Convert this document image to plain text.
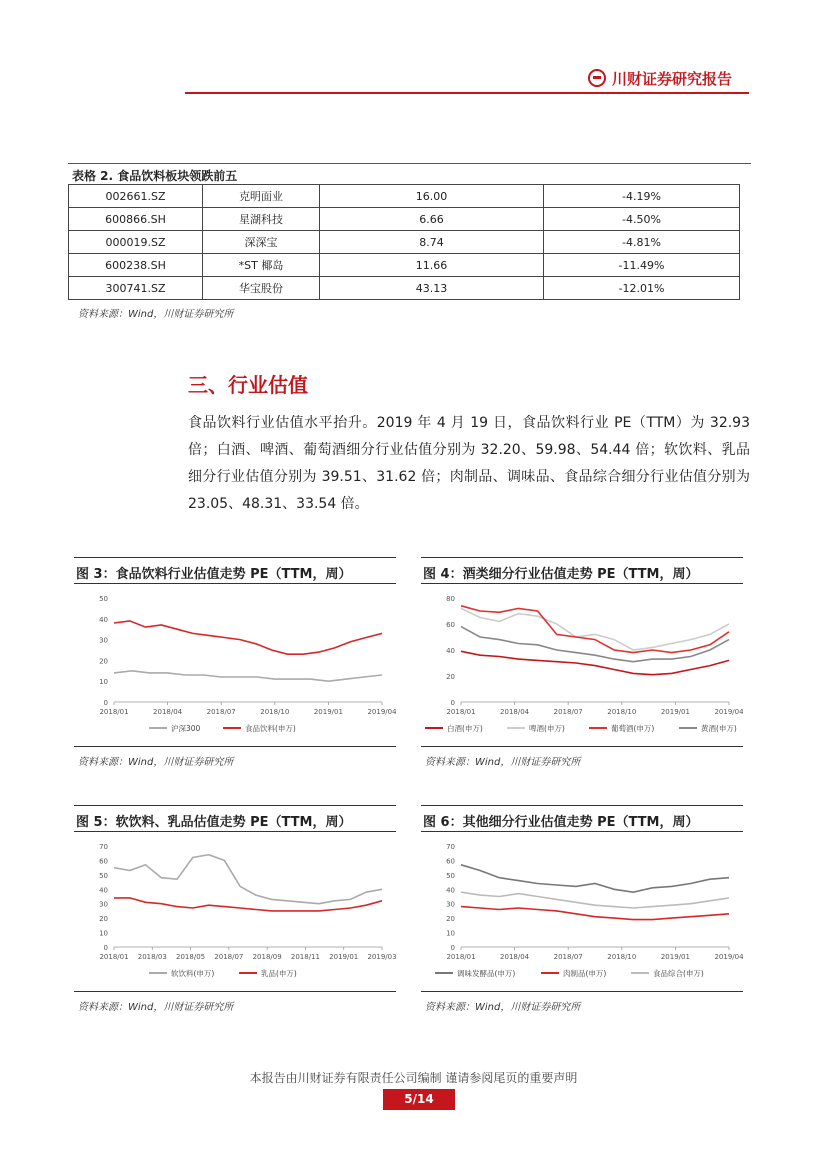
川财证券研究报告
表格 2. 食品饮料板块领跌前五
002661.SZ	克明面业	16.00	-4.19%
600866.SH	星湖科技	6.66	-4.50%
000019.SZ	深深宝	8.74	-4.81%
600238.SH	*ST 椰岛	11.66	-11.49%
300741.SZ	华宝股份	43.13	-12.01%
资料来源：Wind，川财证券研究所
三、行业估值
食品饮料行业估值水平抬升。2019 年 4 月 19 日，食品饮料行业 PE（TTM）为 32.93 倍；白酒、啤酒、葡萄酒细分行业估值分别为 32.20、59.98、54.44 倍；软饮料、乳品细分行业估值分别为 39.51、31.62 倍；肉制品、调味品、食品综合细分行业估值分别为 23.05、48.31、33.54 倍。
图 3：食品饮料行业估值走势 PE（TTM，周）
0
10
20
30
40
50
2018/01	2018/04	2018/07	2018/10	2019/01	2019/04
沪深300	食品饮料(申万)
资料来源：Wind，川财证券研究所
图 4：酒类细分行业估值走势 PE（TTM，周）
0
20
40
60
80
2018/01	2018/04	2018/07	2018/10	2019/01	2019/04
白酒(申万)	啤酒(申万)	葡萄酒(申万)	黄酒(申万)
资料来源：Wind，川财证券研究所
图 5：软饮料、乳品估值走势 PE（TTM，周）
0
10
20
30
40
50
60
70
2018/01 2018/03 2018/05 2018/07 2018/09 2018/11 2019/01 2019/03
软饮料(申万)	乳品(申万)
资料来源：Wind，川财证券研究所
图 6：其他细分行业估值走势 PE（TTM，周）
0
10
20
30
40
50
60
70
2018/01	2018/04	2018/07	2018/10	2019/01	2019/04
调味发酵品(申万)	肉制品(申万)	食品综合(申万)
资料来源：Wind，川财证券研究所
本报告由川财证券有限责任公司编制 谨请参阅尾页的重要声明
5/14
